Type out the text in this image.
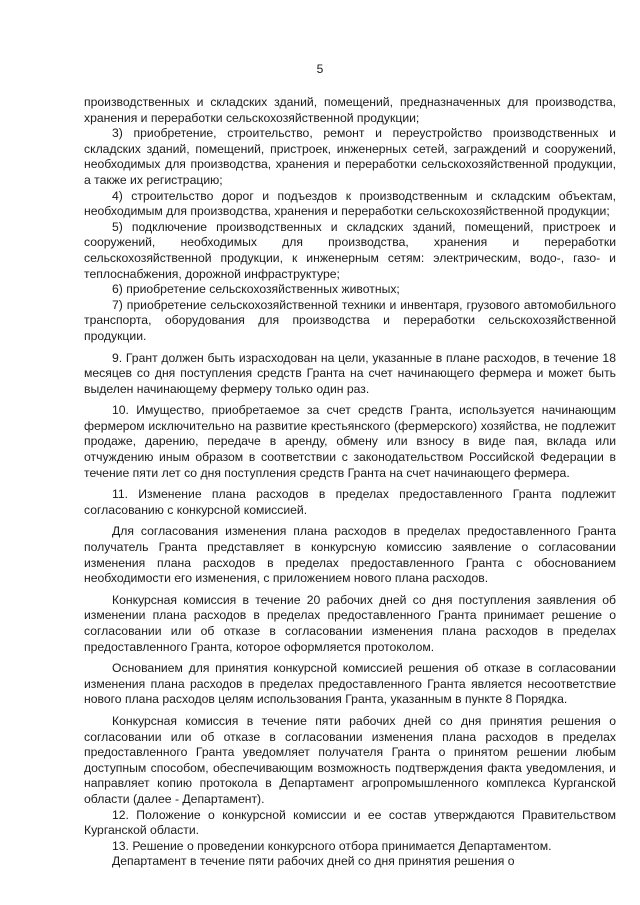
5

производственных и складских зданий, помещений, предназначенных для производства, хранения и переработки сельскохозяйственной продукции;

3) приобретение, строительство, ремонт и переустройство производственных и складских зданий, помещений, пристроек, инженерных сетей, заграждений и сооружений, необходимых для производства, хранения и переработки сельскохозяйственной продукции, а также их регистрацию;

4) строительство дорог и подъездов к производственным и складским объектам, необходимым для производства, хранения и переработки сельскохозяйственной продукции;

5) подключение производственных и складских зданий, помещений, пристроек и сооружений, необходимых для производства, хранения и переработки сельскохозяйственной продукции, к инженерным сетям: электрическим, водо-, газо- и теплоснабжения, дорожной инфраструктуре;

6) приобретение сельскохозяйственных животных;

7) приобретение сельскохозяйственной техники и инвентаря, грузового автомобильного транспорта, оборудования для производства и переработки сельскохозяйственной продукции.

9. Грант должен быть израсходован на цели, указанные в плане расходов, в течение 18 месяцев со дня поступления средств Гранта на счет начинающего фермера и может быть выделен начинающему фермеру только один раз.

10. Имущество, приобретаемое за счет средств Гранта, используется начинающим фермером исключительно на развитие крестьянского (фермерского) хозяйства, не подлежит продаже, дарению, передаче в аренду, обмену или взносу в виде пая, вклада или отчуждению иным образом в соответствии с законодательством Российской Федерации в течение пяти лет со дня поступления средств Гранта на счет начинающего фермера.

11. Изменение плана расходов в пределах предоставленного Гранта подлежит согласованию с конкурсной комиссией.

Для согласования изменения плана расходов в пределах предоставленного Гранта получатель Гранта представляет в конкурсную комиссию заявление о согласовании изменения плана расходов в пределах предоставленного Гранта с обоснованием необходимости его изменения, с приложением нового плана расходов.

Конкурсная комиссия в течение 20 рабочих дней со дня поступления заявления об изменении плана расходов в пределах предоставленного Гранта принимает решение о согласовании или об отказе в согласовании изменения плана расходов в пределах предоставленного Гранта, которое оформляется протоколом.

Основанием для принятия конкурсной комиссией решения об отказе в согласовании изменения плана расходов в пределах предоставленного Гранта является несоответствие нового плана расходов целям использования Гранта, указанным в пункте 8 Порядка.

Конкурсная комиссия в течение пяти рабочих дней со дня принятия решения о согласовании или об отказе в согласовании изменения плана расходов в пределах предоставленного Гранта уведомляет получателя Гранта о принятом решении любым доступным способом, обеспечивающим возможность подтверждения факта уведомления, и направляет копию протокола в Департамент агропромышленного комплекса Курганской области (далее - Департамент).

12. Положение о конкурсной комиссии и ее состав утверждаются Правительством Курганской области.

13. Решение о проведении конкурсного отбора принимается Департаментом.

Департамент в течение пяти рабочих дней со дня принятия решения о
